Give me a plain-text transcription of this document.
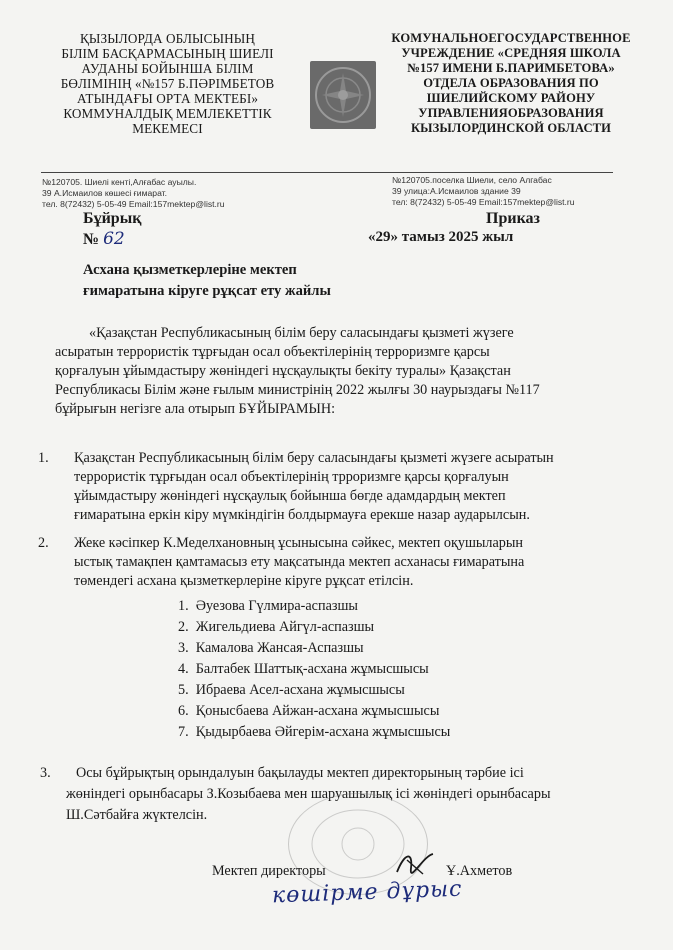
ҚЫЗЫЛОРДА ОБЛЫСЫНЫҢ
БІЛІМ БАСҚАРМАСЫНЫҢ ШИЕЛІ
АУДАНЫ БОЙЫНША БІЛІМ
БӨЛІМІНІҢ «№157 Б.ПӘРІМБЕТОВ
АТЫНДАҒЫ ОРТА МЕКТЕБІ»
КОММУНАЛДЫҚ МЕМЛЕКЕТТІК
МЕКЕМЕСІ
КОМУНАЛЬНОЕГОСУДАРСТВЕННОЕ
УЧРЕЖДЕНИЕ «СРЕДНЯЯ ШКОЛА
№157 ИМЕНИ Б.ПАРИМБЕТОВА»
ОТДЕЛА ОБРАЗОВАНИЯ ПО
ШИЕЛИЙСКОМУ РАЙОНУ
УПРАВЛЕНИЯОБРАЗОВАНИЯ
КЫЗЫЛОРДИНСКОЙ ОБЛАСТИ
№120705. Шиелі кенті,Алғабас ауылы.
39 А.Исмаилов көшесі ғимарат.
тел. 8(72432) 5-05-49 Email:157mektep@list.ru
№120705.поселка Шиели, село Алгабас
39 улица:А.Исмаилов здание 39
тел: 8(72432) 5-05-49 Email:157mektep@list.ru
Бұйрық
№ 62
Приказ
«29» тамыз 2025 жыл
Асхана қызметкерлеріне мектеп
ғимаратына кіруге рұқсат ету жайлы
«Қазақстан Республикасының білім беру саласындағы қызметі жүзеге
асыратын террористік тұрғыдан осал объектілерінің терроризмге қарсы
қорғалуын ұйымдастыру жөніндегі нұсқаулықты бекіту туралы» Қазақстан
Республикасы Білім және ғылым министрінің 2022 жылғы 30 наурыздағы №117
бұйрығын негізге ала отырып БҰЙЫРАМЫН:
1. Қазақстан Республикасының білім беру саласындағы қызметі жүзеге асыратын
террористік тұрғыдан осал объектілерінің трроризмге қарсы қорғалуын
ұйымдастыру жөніндегі нұсқаулық бойынша бөгде адамдардың мектеп
ғимаратына еркін кіру мүмкіндігін болдырмауға ерекше назар аударылсын.
2. Жеке кәсіпкер К.Меделхановның ұсынысына сәйкес, мектеп оқушыларын
ыстық тамақпен қамтамасыз ету мақсатында мектеп асханасы ғимаратына
төмендегі асхана қызметкерлеріне кіруге рұқсат етілсін.
1.  Әуезова Гүлмира-аспазшы
2.  Жигельдиева Айгүл-аспазшы
3.  Камалова Жансая-Аспазшы
4.  Балтабек Шаттық-асхана жұмысшысы
5.  Ибраева Асел-асхана жұмысшысы
6.  Қонысбаева Айжан-асхана жұмысшысы
7.  Қыдырбаева Әйгерім-асхана жұмысшысы
3. Осы бұйрықтың орындалуын бақылауды мектеп директорының тәрбие ісі
жөніндегі орынбасары З.Козыбаева мен шаруашылық ісі жөніндегі орынбасары
Ш.Сәтбайға жүктелсін.
Мектеп директоры	Ұ.Ахметов
көшірме дұрыс
